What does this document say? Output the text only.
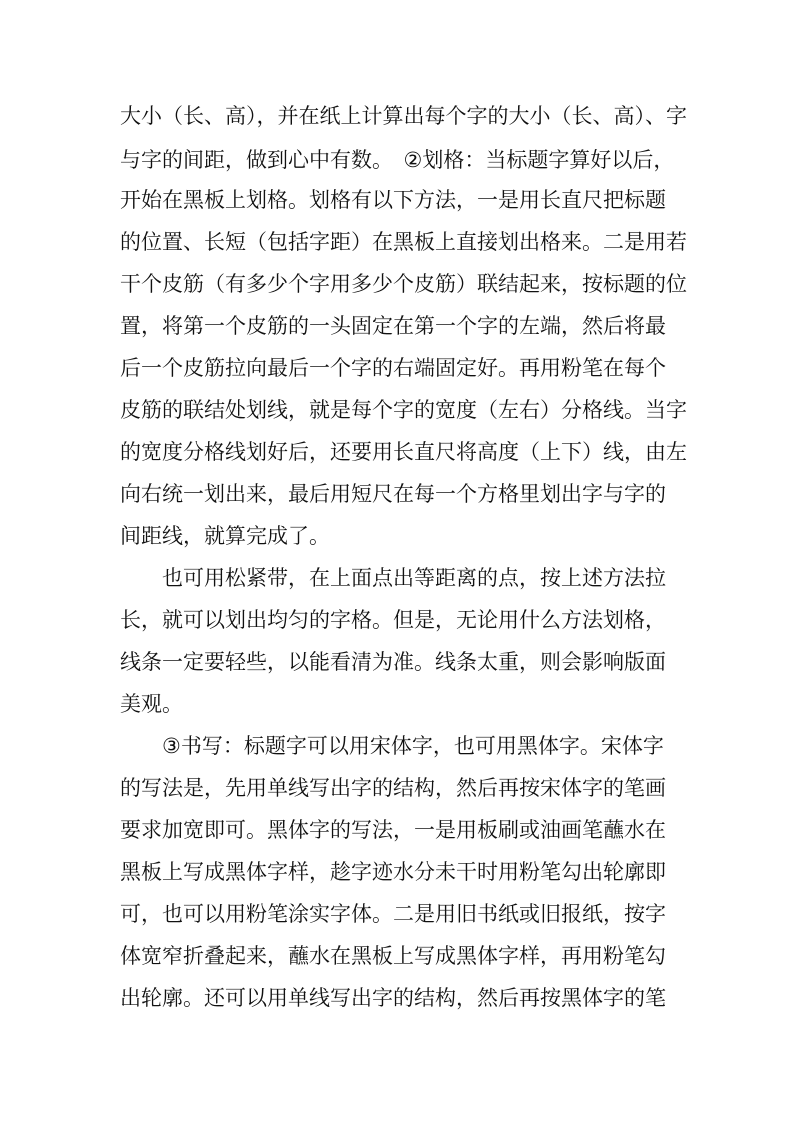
大小（长、高），并在纸上计算出每个字的大小（长、高）、字
与字的间距，做到心中有数。　②划格：当标题字算好以后，
开始在黑板上划格。划格有以下方法，一是用长直尺把标题
的位置、长短（包括字距）在黑板上直接划出格来。二是用若
干个皮筋（有多少个字用多少个皮筋）联结起来，按标题的位
置，将第一个皮筋的一头固定在第一个字的左端，然后将最
后一个皮筋拉向最后一个字的右端固定好。再用粉笔在每个
皮筋的联结处划线，就是每个字的宽度（左右）分格线。当字
的宽度分格线划好后，还要用长直尺将高度（上下）线，由左
向右统一划出来，最后用短尺在每一个方格里划出字与字的
间距线，就算完成了。
也可用松紧带，在上面点出等距离的点，按上述方法拉
长，就可以划出均匀的字格。但是，无论用什么方法划格，
线条一定要轻些，以能看清为准。线条太重，则会影响版面
美观。
③书写：标题字可以用宋体字，也可用黑体字。宋体字
的写法是，先用单线写出字的结构，然后再按宋体字的笔画
要求加宽即可。黑体字的写法，一是用板刷或油画笔蘸水在
黑板上写成黑体字样，趁字迹水分未干时用粉笔勾出轮廓即
可，也可以用粉笔涂实字体。二是用旧书纸或旧报纸，按字
体宽窄折叠起来，蘸水在黑板上写成黑体字样，再用粉笔勾
出轮廓。还可以用单线写出字的结构，然后再按黑体字的笔
